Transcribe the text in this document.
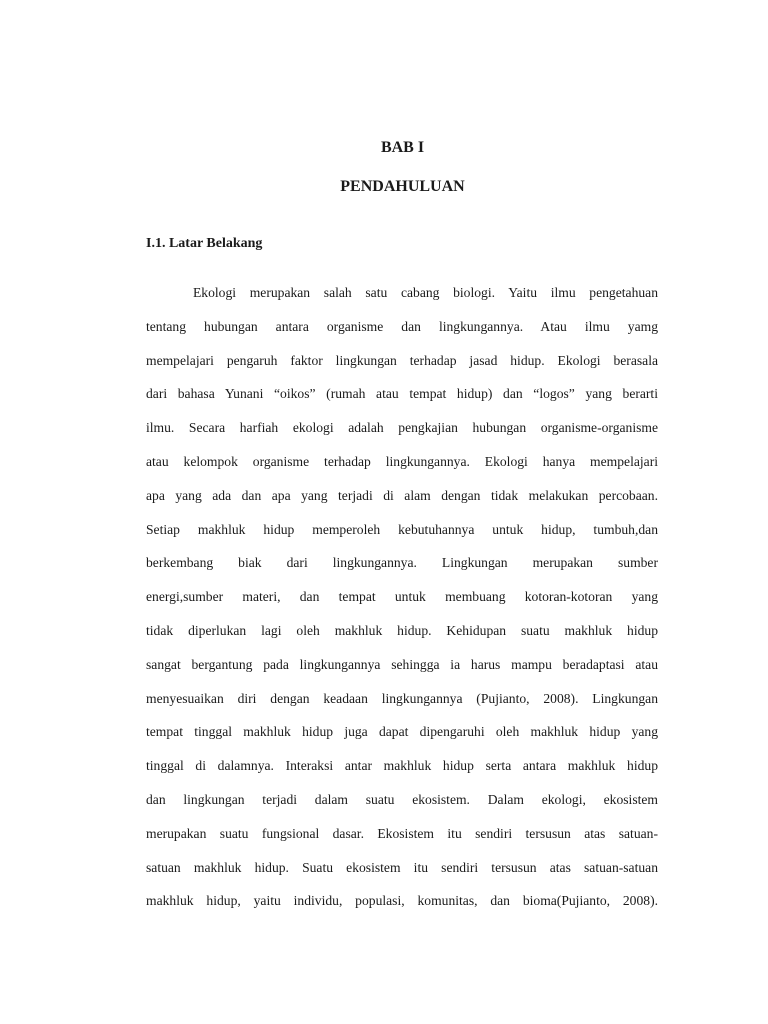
BAB I
PENDAHULUAN
I.1. Latar Belakang
Ekologi merupakan salah satu cabang biologi. Yaitu ilmu pengetahuan
tentang hubungan antara organisme dan lingkungannya. Atau ilmu yamg
mempelajari pengaruh faktor lingkungan terhadap jasad hidup. Ekologi berasala
dari bahasa Yunani “oikos” (rumah atau tempat hidup) dan “logos” yang berarti
ilmu. Secara harfiah ekologi adalah pengkajian hubungan organisme-organisme
atau kelompok organisme terhadap lingkungannya. Ekologi hanya mempelajari
apa yang ada dan apa yang terjadi di alam dengan tidak melakukan percobaan.
Setiap makhluk hidup memperoleh kebutuhannya untuk hidup, tumbuh,dan
berkembang biak dari lingkungannya. Lingkungan merupakan sumber
energi,sumber materi, dan tempat untuk membuang kotoran-kotoran yang
tidak diperlukan lagi oleh makhluk hidup. Kehidupan suatu makhluk hidup
sangat bergantung pada lingkungannya sehingga ia harus mampu beradaptasi atau
menyesuaikan diri dengan keadaan lingkungannya (Pujianto, 2008). Lingkungan
tempat tinggal makhluk hidup juga dapat dipengaruhi oleh makhluk hidup yang
tinggal di dalamnya. Interaksi antar makhluk hidup serta antara makhluk hidup
dan lingkungan terjadi dalam suatu ekosistem. Dalam ekologi, ekosistem
merupakan suatu fungsional dasar. Ekosistem itu sendiri tersusun atas satuan-
satuan makhluk hidup. Suatu ekosistem itu sendiri tersusun atas satuan-satuan
makhluk hidup, yaitu individu, populasi, komunitas, dan bioma(Pujianto, 2008).
